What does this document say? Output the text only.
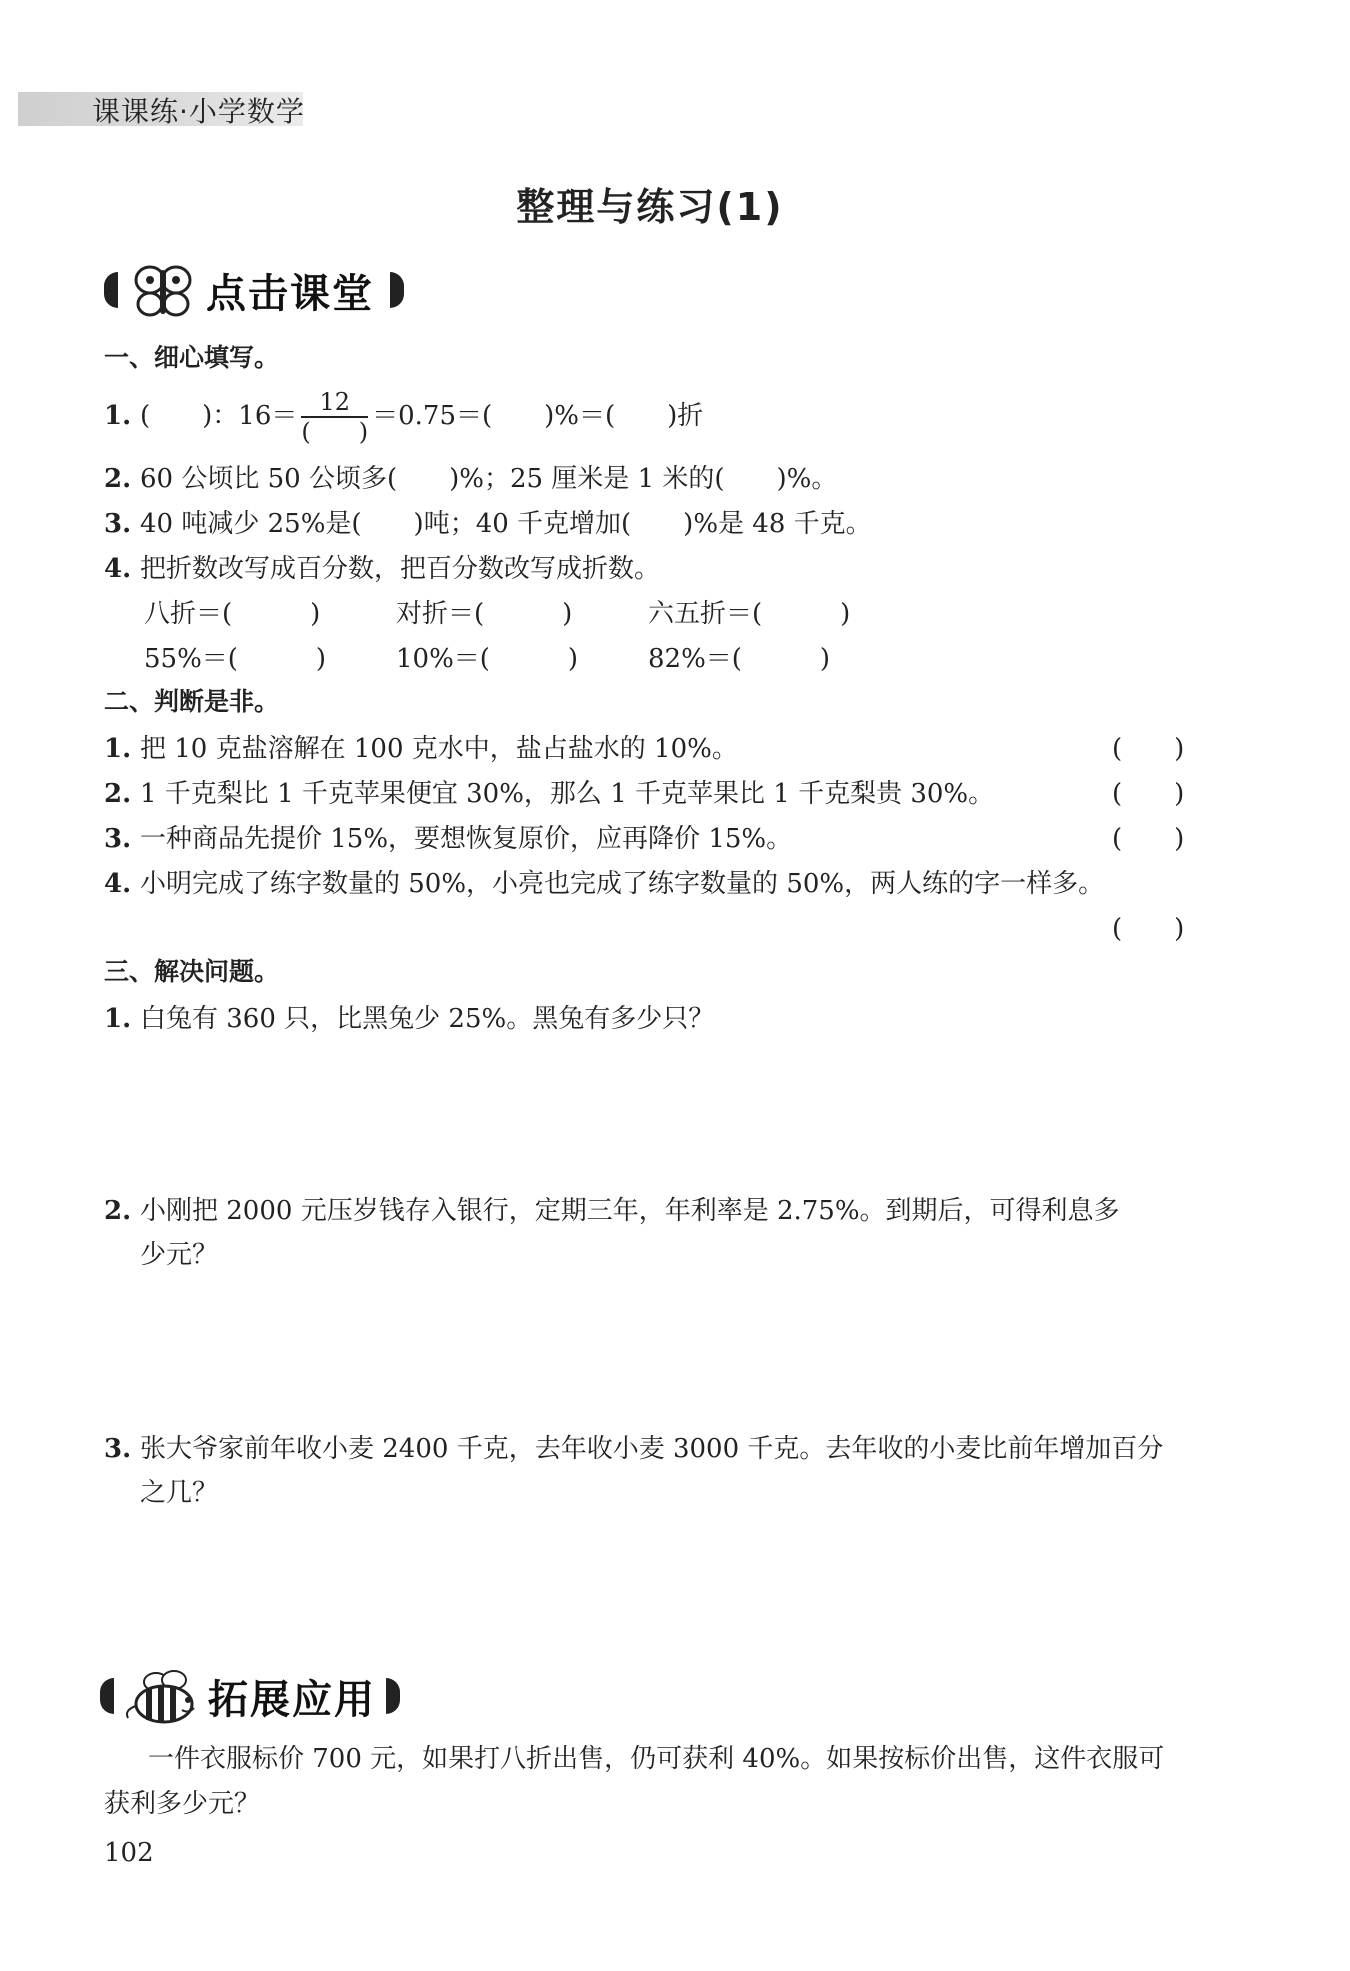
课课练·小学数学
整理与练习(1)
点击课堂
一、细心填写。
1. (　　)：$16= \frac{12}{( )} =0.75=$(　　)%＝(　　)折
2. 60 公顷比 50 公顷多(　　)%；25 厘米是 1 米的(　　)%。
3. 40 吨减少 25%是(　　)吨；40 千克增加(　　)%是 48 千克。
4. 把折数改写成百分数，把百分数改写成折数。
八折＝(　　　)	对折＝(　　　)	六五折＝(　　　)
55%＝(　　　)	10%＝(　　　)	82%＝(　　　)
二、判断是非。
1. 把 10 克盐溶解在 100 克水中，盐占盐水的 10%。	(　　)
2. 1 千克梨比 1 千克苹果便宜 30%，那么 1 千克苹果比 1 千克梨贵 30%。	(　　)
3. 一种商品先提价 15%，要想恢复原价，应再降价 15%。	(　　)
4. 小明完成了练字数量的 50%，小亮也完成了练字数量的 50%，两人练的字一样多。
(　　)
三、解决问题。
1. 白兔有 360 只，比黑兔少 25%。黑兔有多少只？
2. 小刚把 2000 元压岁钱存入银行，定期三年，年利率是 2.75%。到期后，可得利息多
少元？
3. 张大爷家前年收小麦 2400 千克，去年收小麦 3000 千克。去年收的小麦比前年增加百分
之几？
拓展应用
一件衣服标价 700 元，如果打八折出售，仍可获利 40%。如果按标价出售，这件衣服可
获利多少元？
102
